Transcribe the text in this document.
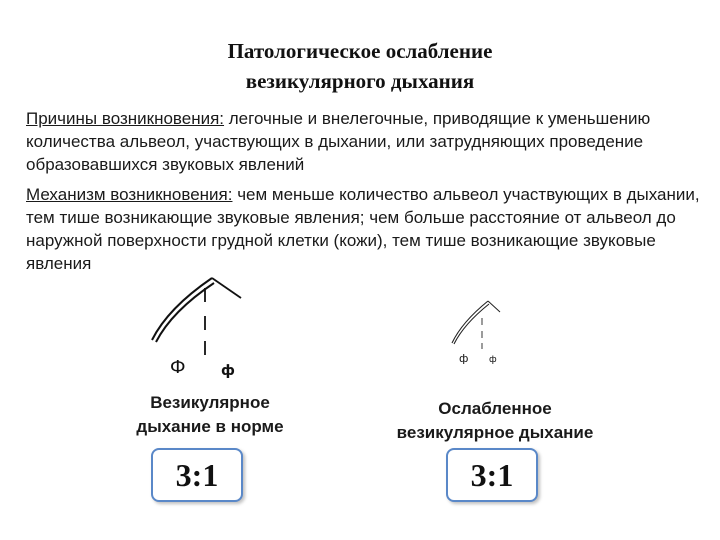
Патологическое ослабление
везикулярного дыхания
Причины возникновения: легочные и внелегочные, приводящие к уменьшению количества альвеол, участвующих в дыхании, или затрудняющих проведение образовавшихся звуковых явлений
Механизм возникновения: чем меньше количество альвеол участвующих в дыхании, тем тише возникающие звуковые явления; чем больше расстояние от альвеол до наружной поверхности грудной клетки (кожи), тем тише возникающие звуковые явления
Ф	ф
ф ф
Везикулярное
дыхание в норме
Ослабленное
везикулярное дыхание
3:1	3:1
